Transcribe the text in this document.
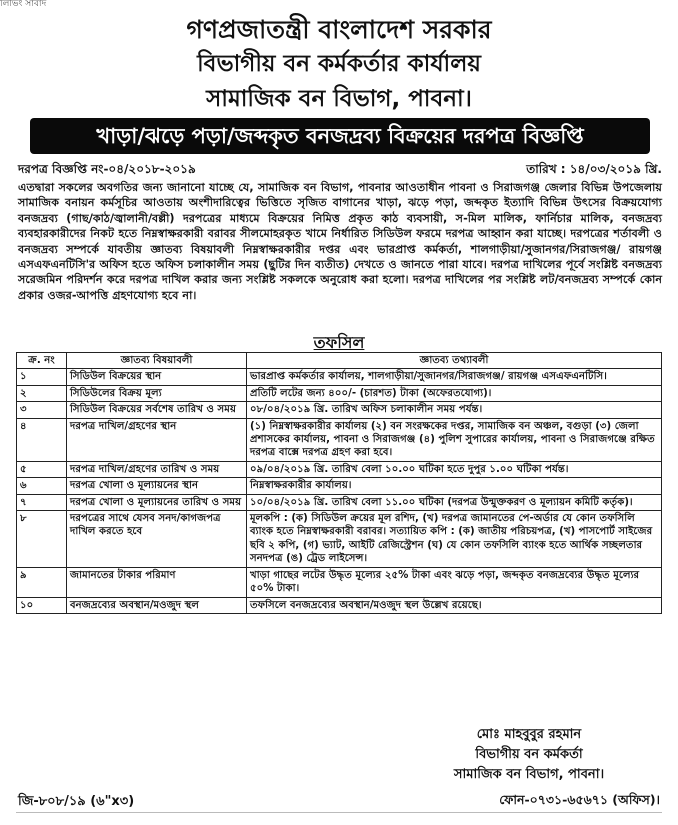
লিভিং সাবাদ
গণপ্রজাতন্ত্রী বাংলাদেশ সরকার
বিভাগীয় বন কর্মকর্তার কার্যালয়
সামাজিক বন বিভাগ, পাবনা।
খাড়া/ঝড়ে পড়া/জব্দকৃত বনজদ্রব্য বিক্রয়ের দরপত্র বিজ্ঞপ্তি
দরপত্র বিজ্ঞপ্তি নং-০৪/২০১৮-২০১৯	তারিখ : ১৪/০৩/২০১৯ খ্রি.
এতদ্বারা সকলের অবগতির জন্য জানানো যাচ্ছে যে, সামাজিক বন বিভাগ, পাবনার আওতাধীন পাবনা ও সিরাজগঞ্জ জেলার বিভিন্ন উপজেলায় সামাজিক বনায়ন কর্মসূচির আওতায় অংশীদারিত্বের ভিত্তিতে সৃজিত বাগানের খাড়া, ঝড়ে পড়া, জব্দকৃত ইত্যাদি বিভিন্ন উৎসের বিক্রয়যোগ্য বনজদ্রব্য (গাছ/কাঠ/জ্বালানী/বল্লী) দরপত্রের মাধ্যমে বিক্রয়ের নিমিত্ত প্রকৃত কাঠ ব্যবসায়ী, স-মিল মালিক, ফার্নিচার মালিক, বনজদ্রব্য ব্যবহারকারীদের নিকট হতে নিম্নস্বাক্ষরকারী বরাবর সীলমোহরকৃত খামে নির্ধারিত সিডিউল ফরমে দরপত্র আহ্বান করা যাচ্ছে। দরপত্রের শর্তাবলী ও বনজদ্রব্য সম্পর্কে যাবতীয় জ্ঞাতব্য বিষয়াবলী নিম্নস্বাক্ষরকারীর দপ্তর এবং ভারপ্রাপ্ত কর্মকর্তা, শালগাড়ীয়া/সুজানগর/সিরাজগঞ্জ/ রায়গঞ্জ এসএফএনটিসি'র অফিস হতে অফিস চলাকালীন সময় (ছুটির দিন ব্যতীত) দেখতে ও জানতে পারা যাবে। দরপত্র দাখিলের পূর্বে সংশ্লিষ্ট বনজদ্রব্য সরেজমিন পরিদর্শন করে দরপত্র দাখিল করার জন্য সংশ্লিষ্ট সকলকে অনুরোধ করা হলো। দরপত্র দাখিলের পর সংশ্লিষ্ট লট/বনজদ্রব্য সম্পর্কে কোন প্রকার ওজর-আপত্তি গ্রহণযোগ্য হবে না।
তফসিল
ক্র. নং	জ্ঞাতব্য বিষয়াবলী	জ্ঞাতব্য তথ্যাবলী
১	সিডিউল বিক্রয়ের স্থান	ভারপ্রাপ্ত কর্মকর্তার কার্যালয়, শালগাড়ীয়া/সুজানগর/সিরাজগঞ্জ/ রায়গঞ্জ এসএফএনটিসি।
২	সিডিউলের বিক্রয় মূল্য	প্রতিটি লটের জন্য ৪০০/- (চারশত) টাকা (অফেরতযোগ্য)।
৩	সিডিউল বিক্রয়ের সর্বশেষ তারিখ ও সময়	০৮/০৪/২০১৯ খ্রি. তারিখ অফিস চলাকালীন সময় পর্যন্ত।
৪	দরপত্র দাখিল/গ্রহণের স্থান	(১) নিম্নস্বাক্ষরকারীর কার্যালয় (২) বন সংরক্ষকের দপ্তর, সামাজিক বন অঞ্চল, বগুড়া (৩) জেলা প্রশাসকের কার্যালয়, পাবনা ও সিরাজগঞ্জ (৪) পুলিশ সুপারের কার্যালয়, পাবনা ও সিরাজগঞ্জে রক্ষিত দরপত্র বাক্সে দরপত্র গ্রহণ করা হবে।
৫	দরপত্র দাখিল/গ্রহণের তারিখ ও সময়	০৯/০৪/২০১৯ খ্রি. তারিখ বেলা ১০.০০ ঘটিকা হতে দুপুর ১.০০ ঘটিকা পর্যন্ত।
৬	দরপত্র খোলা ও মূল্যায়নের স্থান	নিম্নস্বাক্ষরকারীর কার্যালয়।
৭	দরপত্র খোলা ও মূল্যায়নের তারিখ ও সময়	১০/০৪/২০১৯ খ্রি. তারিখ বেলা ১১.০০ ঘটিকা (দরপত্র উন্মুক্তকরণ ও মূল্যায়ন কমিটি কর্তৃক)।
৮	দরপত্রের সাথে যেসব সনদ/কাগজপত্র দাখিল করতে হবে	মূলকপি : (ক) সিডিউল ক্রয়ের মূল রশিদ, (খ) দরপত্র জামানতের পে-অর্ডার যে কোন তফসিলি ব্যাংক হতে নিম্নস্বাক্ষরকারী বরাবর। সত্যায়িত কপি : (ক) জাতীয় পরিচয়পত্র, (খ) পাসপোর্ট সাইজের ছবি ২ কপি, (গ) ভ্যাট, আইটি রেজিস্ট্রেশন (ঘ) যে কোন তফসিলি ব্যাংক হতে আর্থিক সচ্ছলতার সনদপত্র (ঙ) ট্রেড লাইসেন্স।
৯	জামানতের টাকার পরিমাণ	খাড়া গাছের লটের উদ্ধৃত মূল্যের ২৫% টাকা এবং ঝড়ে পড়া, জব্দকৃত বনজদ্রব্যের উদ্ধৃত মূল্যের ৫০% টাকা।
১০	বনজদ্রব্যের অবস্থান/মওজুদ স্থল	তফসিলে বনজদ্রব্যের অবস্থান/মওজুদ স্থল উল্লেখ রয়েছে।
মোঃ মাহবুবুর রহমান
বিভাগীয় বন কর্মকর্তা
সামাজিক বন বিভাগ, পাবনা।
জি-৮০৮/১৯ (৬"x৩)	ফোন-০৭৩১-৬৫৬৭১ (অফিস)।
